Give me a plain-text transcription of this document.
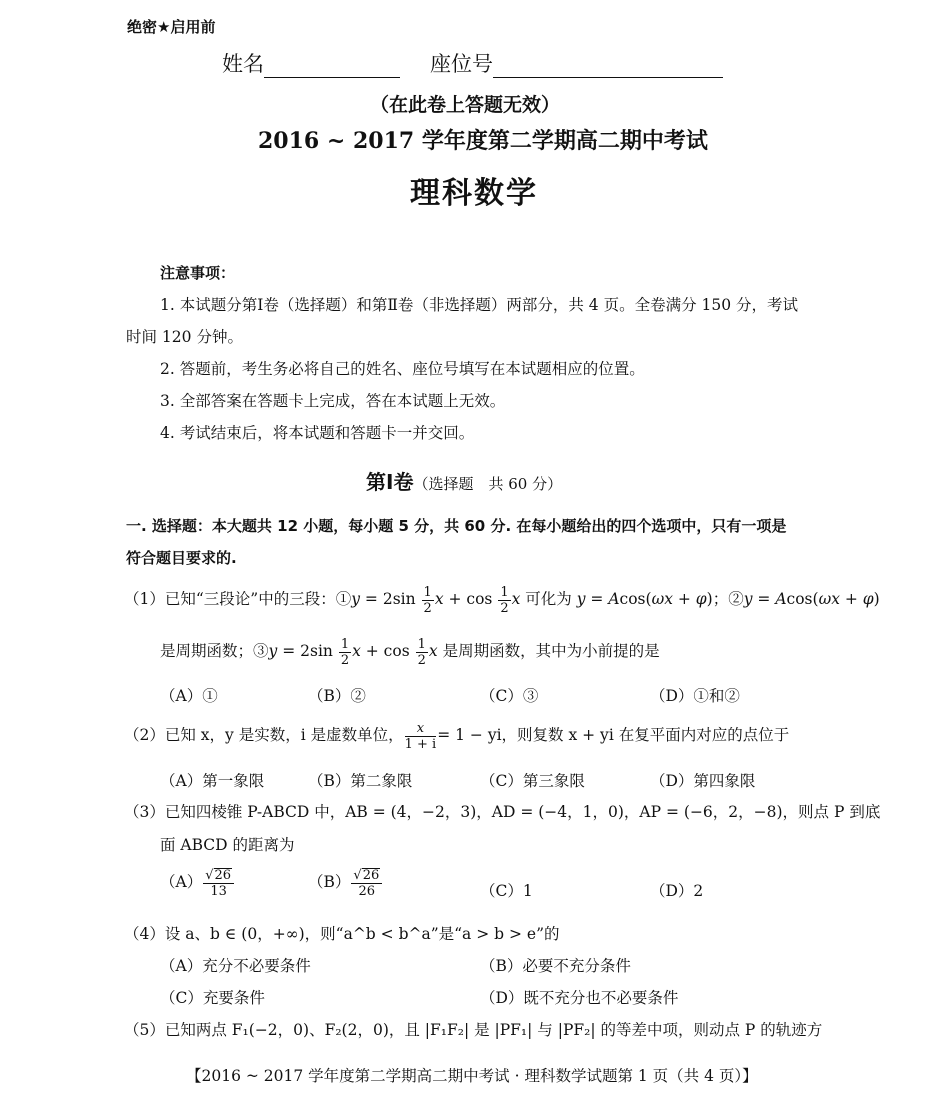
绝密★启用前
姓名	座位号
（在此卷上答题无效）
2016 ~ 2017 学年度第二学期高二期中考试
理科数学
注意事项：
1. 本试题分第Ⅰ卷（选择题）和第Ⅱ卷（非选择题）两部分，共 4 页。全卷满分 150 分，考试
时间 120 分钟。
2. 答题前，考生务必将自己的姓名、座位号填写在本试题相应的位置。
3. 全部答案在答题卡上完成，答在本试题上无效。
4. 考试结束后，将本试题和答题卡一并交回。
第Ⅰ卷（选择题　共 60 分）
一. 选择题：本大题共 12 小题，每小题 5 分，共 60 分. 在每小题给出的四个选项中，只有一项是
符合题目要求的.
（1）已知“三段论”中的三段：①y = $2\sin \frac{1}{2}$ $x + \cos \frac{1}{2}$ x 可化为 y = Acos(ωx + φ)；②y = Acos(ωx + φ)
是周期函数；③y = $2\sin \frac{1}{2}$ $x + \cos \frac{1}{2}$ x 是周期函数，其中为小前提的是
（A）①	（B）②	（C）③	（D）①和②
（2）已知 x，y 是实数，i 是虚数单位， $\frac{x}{1 + i} = 1$ − yi，则复数 x + yi 在复平面内对应的点位于
（A）第一象限	（B）第二象限	（C）第三象限	（D）第四象限
（3）已知四棱锥 P-ABCD 中，AB = (4，−2，3)，AD = (−4，1，0)，AP = (−6，2，−8)，则点 P 到底
面 ABCD 的距离为
$(A) \frac{√26}{13}$	$(B) \frac{√26}{26}$	（C）1	（D）2
（4）设 a、b ∈ (0，+∞)，则“a^b < b^a”是“a > b > e”的
（A）充分不必要条件	（B）必要不充分条件
（C）充要条件	（D）既不充分也不必要条件
（5）已知两点 F₁(−2，0)、F₂(2，0)，且 |F₁F₂| 是 |PF₁| 与 |PF₂| 的等差中项，则动点 P 的轨迹方
【2016 ~ 2017 学年度第二学期高二期中考试 · 理科数学试题第 1 页（共 4 页）】
